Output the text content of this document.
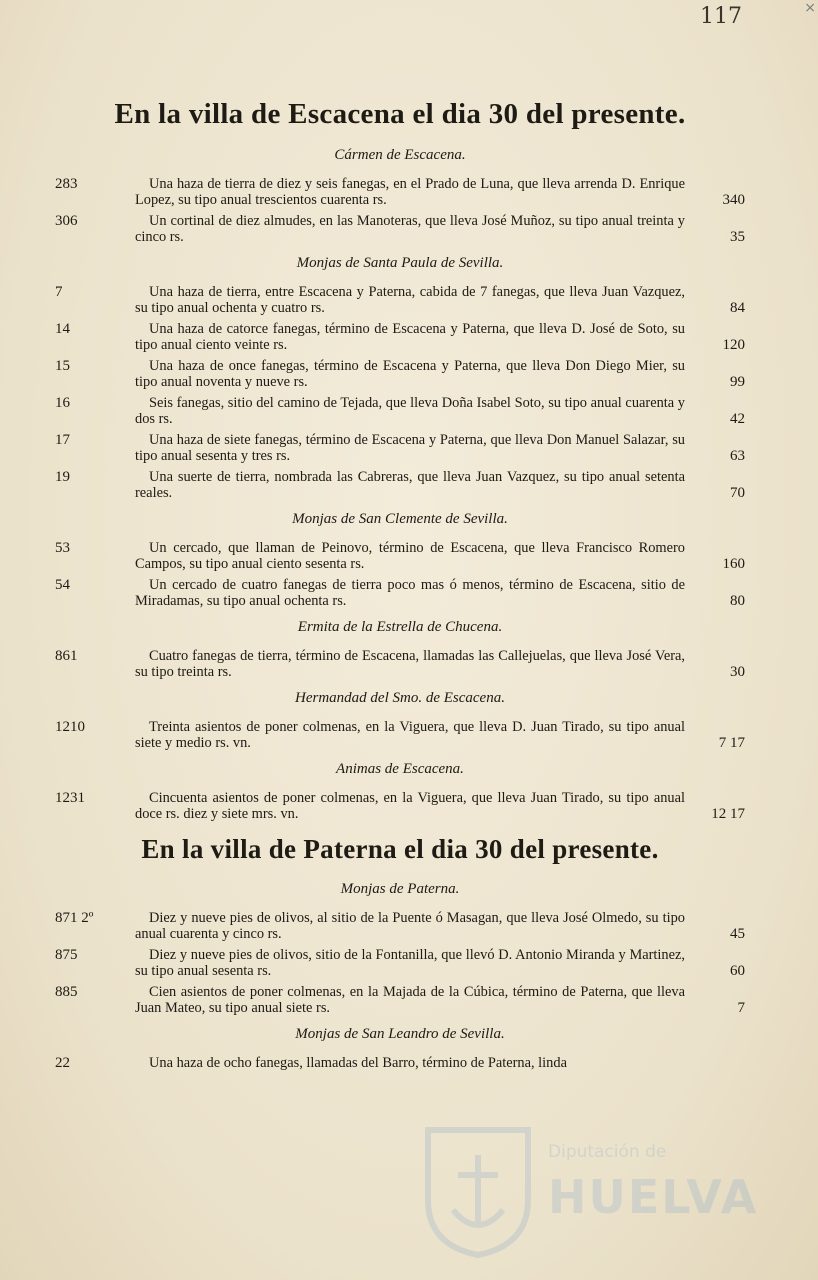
117	×
En la villa de Escacena el dia 30 del presente.
Cármen de Escacena.
283	Una haza de tierra de diez y seis fanegas, en el Prado de Luna, que lleva arrenda D. Enrique Lopez, su tipo anual trescientos cuarenta rs.	340
306	Un cortinal de diez almudes, en las Manoteras, que lleva José Muñoz, su tipo anual treinta y cinco rs.	35
Monjas de Santa Paula de Sevilla.
7	Una haza de tierra, entre Escacena y Paterna, cabida de 7 fanegas, que lleva Juan Vazquez, su tipo anual ochenta y cuatro rs.	84
14	Una haza de catorce fanegas, término de Escacena y Paterna, que lleva D. José de Soto, su tipo anual ciento veinte rs.	120
15	Una haza de once fanegas, término de Escacena y Paterna, que lleva Don Diego Mier, su tipo anual noventa y nueve rs.	99
16	Seis fanegas, sitio del camino de Tejada, que lleva Doña Isabel Soto, su tipo anual cuarenta y dos rs.	42
17	Una haza de siete fanegas, término de Escacena y Paterna, que lleva Don Manuel Salazar, su tipo anual sesenta y tres rs.	63
19	Una suerte de tierra, nombrada las Cabreras, que lleva Juan Vazquez, su tipo anual setenta reales.	70
Monjas de San Clemente de Sevilla.
53	Un cercado, que llaman de Peinovo, término de Escacena, que lleva Francisco Romero Campos, su tipo anual ciento sesenta rs.	160
54	Un cercado de cuatro fanegas de tierra poco mas ó menos, término de Escacena, sitio de Miradamas, su tipo anual ochenta rs.	80
Ermita de la Estrella de Chucena.
861	Cuatro fanegas de tierra, término de Escacena, llamadas las Callejuelas, que lleva José Vera, su tipo treinta rs.	30
Hermandad del Smo. de Escacena.
1210	Treinta asientos de poner colmenas, en la Viguera, que lleva D. Juan Tirado, su tipo anual siete y medio rs. vn.	7 17
Animas de Escacena.
1231	Cincuenta asientos de poner colmenas, en la Viguera, que lleva Juan Tirado, su tipo anual doce rs. diez y siete mrs. vn.	12 17
En la villa de Paterna el dia 30 del presente.
Monjas de Paterna.
871 2º	Diez y nueve pies de olivos, al sitio de la Puente ó Masagan, que lleva José Olmedo, su tipo anual cuarenta y cinco rs.	45
875	Diez y nueve pies de olivos, sitio de la Fontanilla, que llevó D. Antonio Miranda y Martinez, su tipo anual sesenta rs.	60
885	Cien asientos de poner colmenas, en la Majada de la Cúbica, término de Paterna, que lleva Juan Mateo, su tipo anual siete rs.	7
Monjas de San Leandro de Sevilla.
22	Una haza de ocho fanegas, llamadas del Barro, término de Paterna, linda
Diputación de
HUELVA
